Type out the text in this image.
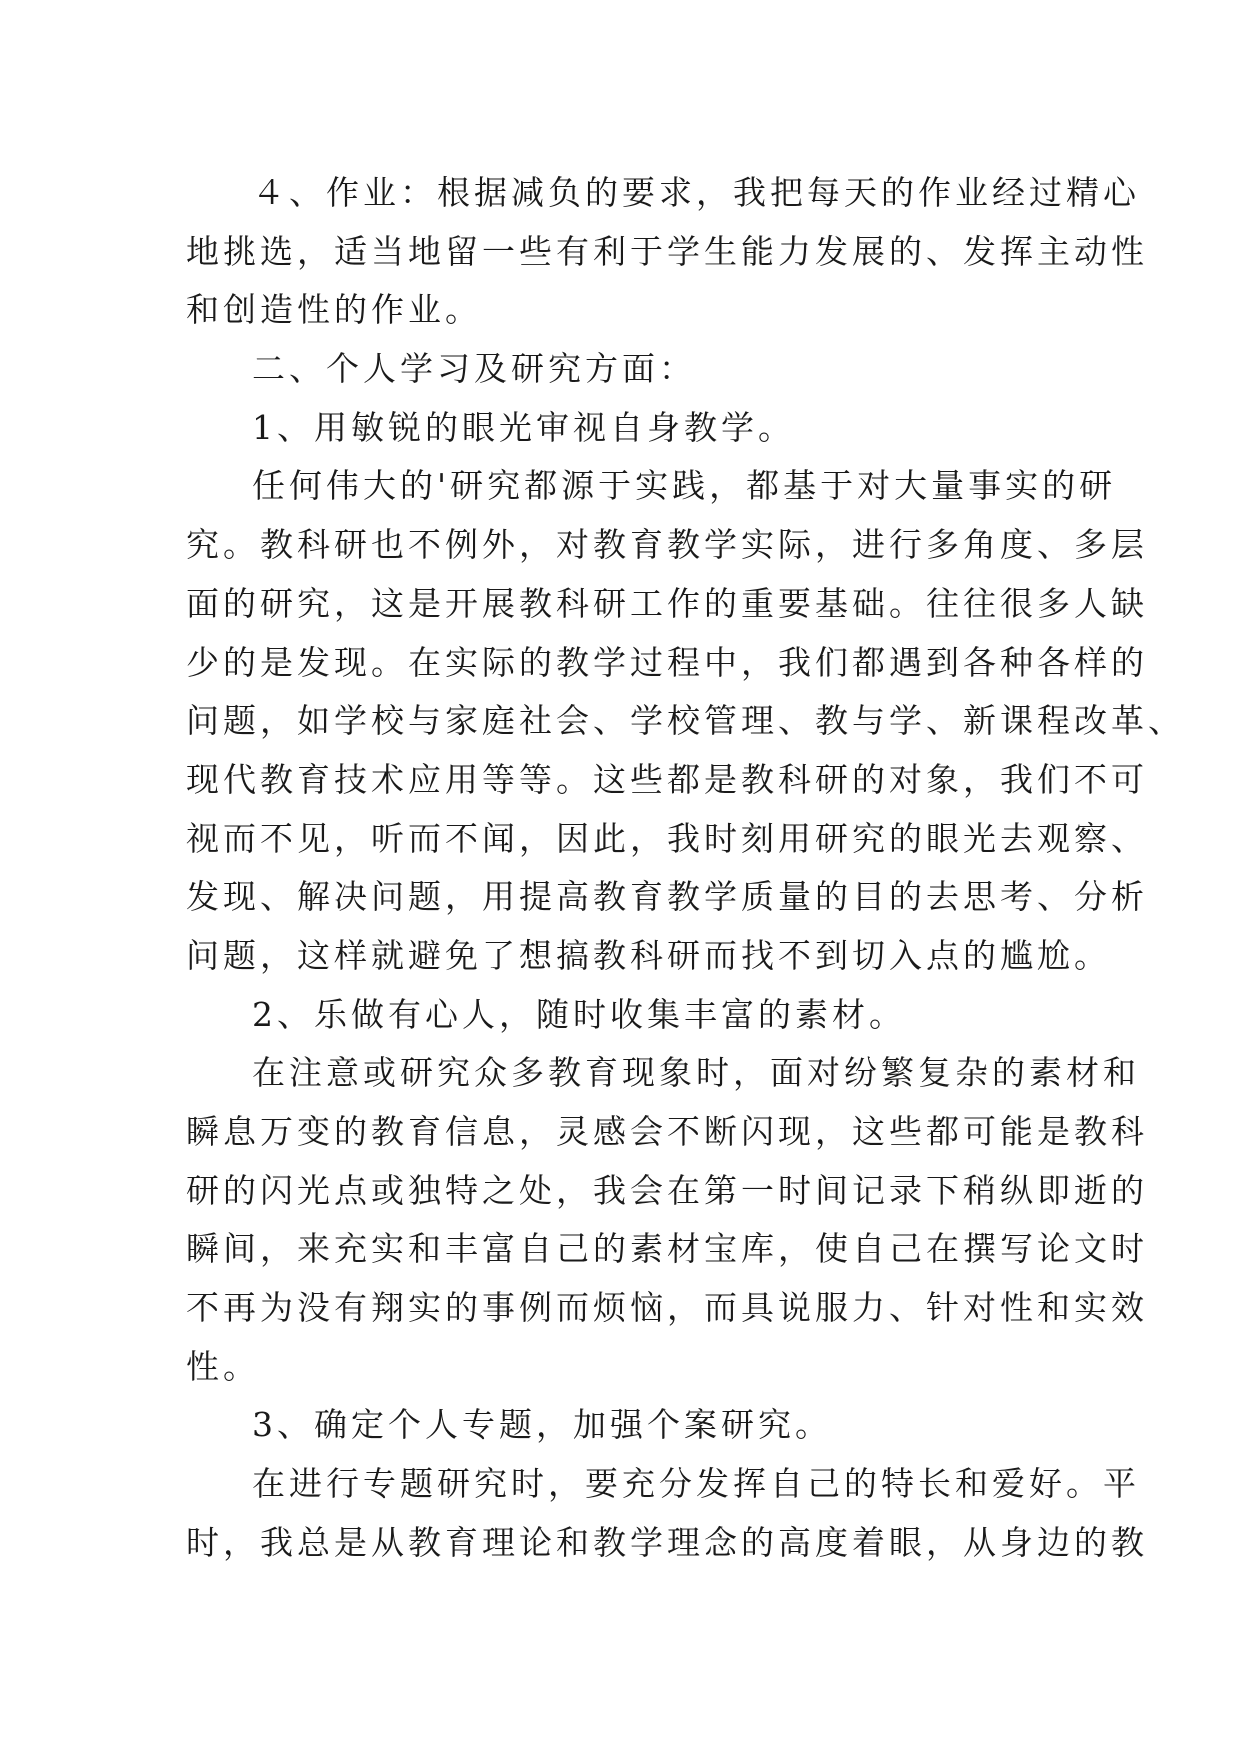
４、作业：根据减负的要求，我把每天的作业经过精心
地挑选，适当地留一些有利于学生能力发展的、发挥主动性
和创造性的作业。
二、个人学习及研究方面：
1、用敏锐的眼光审视自身教学。
任何伟大的'研究都源于实践，都基于对大量事实的研
究。教科研也不例外，对教育教学实际，进行多角度、多层
面的研究，这是开展教科研工作的重要基础。往往很多人缺
少的是发现。在实际的教学过程中，我们都遇到各种各样的
问题，如学校与家庭社会、学校管理、教与学、新课程改革、
现代教育技术应用等等。这些都是教科研的对象，我们不可
视而不见，听而不闻，因此，我时刻用研究的眼光去观察、
发现、解决问题，用提高教育教学质量的目的去思考、分析
问题，这样就避免了想搞教科研而找不到切入点的尴尬。
2、乐做有心人，随时收集丰富的素材。
在注意或研究众多教育现象时，面对纷繁复杂的素材和
瞬息万变的教育信息，灵感会不断闪现，这些都可能是教科
研的闪光点或独特之处，我会在第一时间记录下稍纵即逝的
瞬间，来充实和丰富自己的素材宝库，使自己在撰写论文时
不再为没有翔实的事例而烦恼，而具说服力、针对性和实效
性。
3、确定个人专题，加强个案研究。
在进行专题研究时，要充分发挥自己的特长和爱好。平
时，我总是从教育理论和教学理念的高度着眼，从身边的教
